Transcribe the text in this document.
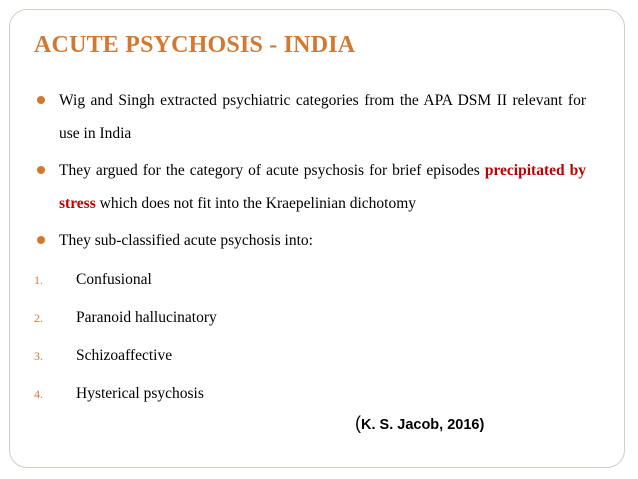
ACUTE PSYCHOSIS - INDIA

Wig and Singh extracted psychiatric categories from the APA DSM II relevant for use in India

They argued for the category of acute psychosis for brief episodes precipitated by stress which does not fit into the Kraepelinian dichotomy

They sub-classified acute psychosis into:

1. Confusional
2. Paranoid hallucinatory
3. Schizoaffective
4. Hysterical psychosis
(K. S. Jacob, 2016)
